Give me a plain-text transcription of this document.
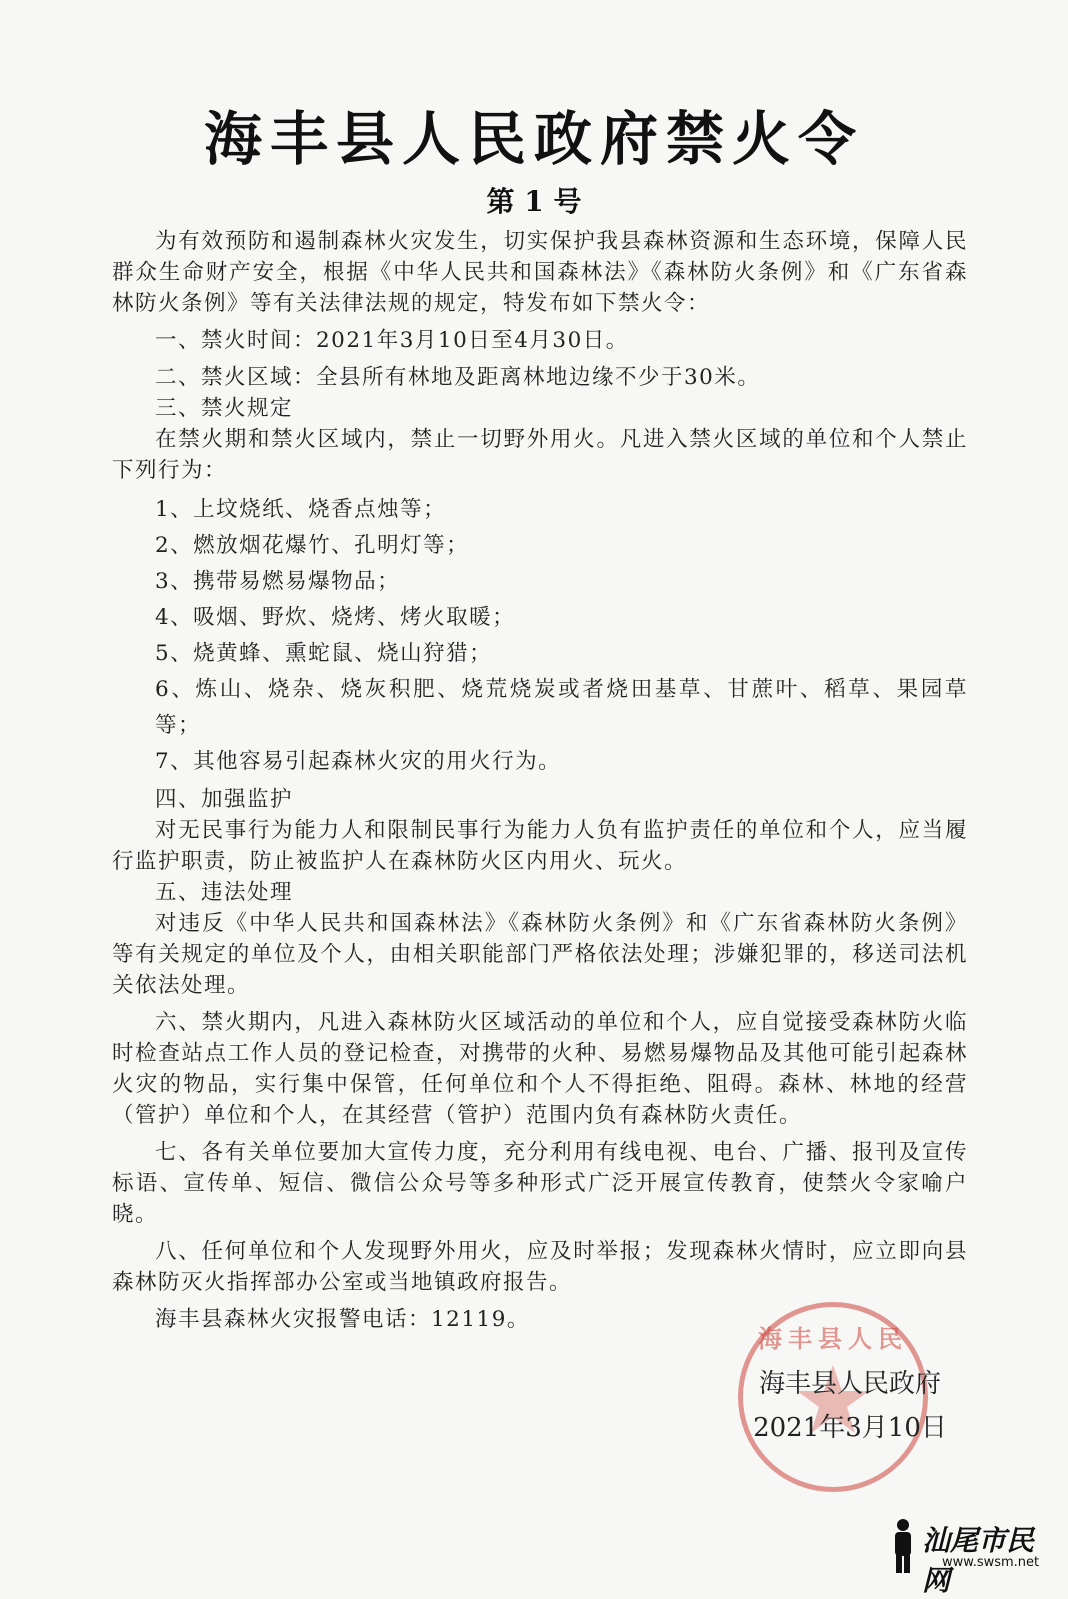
海丰县人民政府禁火令
第 1 号

为有效预防和遏制森林火灾发生，切实保护我县森林资源和生态环境，保障人民群众生命财产安全，根据《中华人民共和国森林法》《森林防火条例》和《广东省森林防火条例》等有关法律法规的规定，特发布如下禁火令：

一、禁火时间：2021年3月10日至4月30日。

二、禁火区域：全县所有林地及距离林地边缘不少于30米。

三、禁火规定

在禁火期和禁火区域内，禁止一切野外用火。凡进入禁火区域的单位和个人禁止下列行为：

1、上坟烧纸、烧香点烛等；

2、燃放烟花爆竹、孔明灯等；

3、携带易燃易爆物品；

4、吸烟、野炊、烧烤、烤火取暖；

5、烧黄蜂、熏蛇鼠、烧山狩猎；

6、炼山、烧杂、烧灰积肥、烧荒烧炭或者烧田基草、甘蔗叶、稻草、果园草等；

7、其他容易引起森林火灾的用火行为。

四、加强监护

对无民事行为能力人和限制民事行为能力人负有监护责任的单位和个人，应当履行监护职责，防止被监护人在森林防火区内用火、玩火。

五、违法处理

对违反《中华人民共和国森林法》《森林防火条例》和《广东省森林防火条例》等有关规定的单位及个人，由相关职能部门严格依法处理；涉嫌犯罪的，移送司法机关依法处理。

六、禁火期内，凡进入森林防火区域活动的单位和个人，应自觉接受森林防火临时检查站点工作人员的登记检查，对携带的火种、易燃易爆物品及其他可能引起森林火灾的物品，实行集中保管，任何单位和个人不得拒绝、阻碍。森林、林地的经营（管护）单位和个人，在其经营（管护）范围内负有森林防火责任。

七、各有关单位要加大宣传力度，充分利用有线电视、电台、广播、报刊及宣传标语、宣传单、短信、微信公众号等多种形式广泛开展宣传教育，使禁火令家喻户晓。

八、任何单位和个人发现野外用火，应及时举报；发现森林火情时，应立即向县森林防灭火指挥部办公室或当地镇政府报告。

海丰县森林火灾报警电话：12119。

海丰县人民
海丰县人民政府
2021年3月10日
汕尾市民网
www.swsm.net
